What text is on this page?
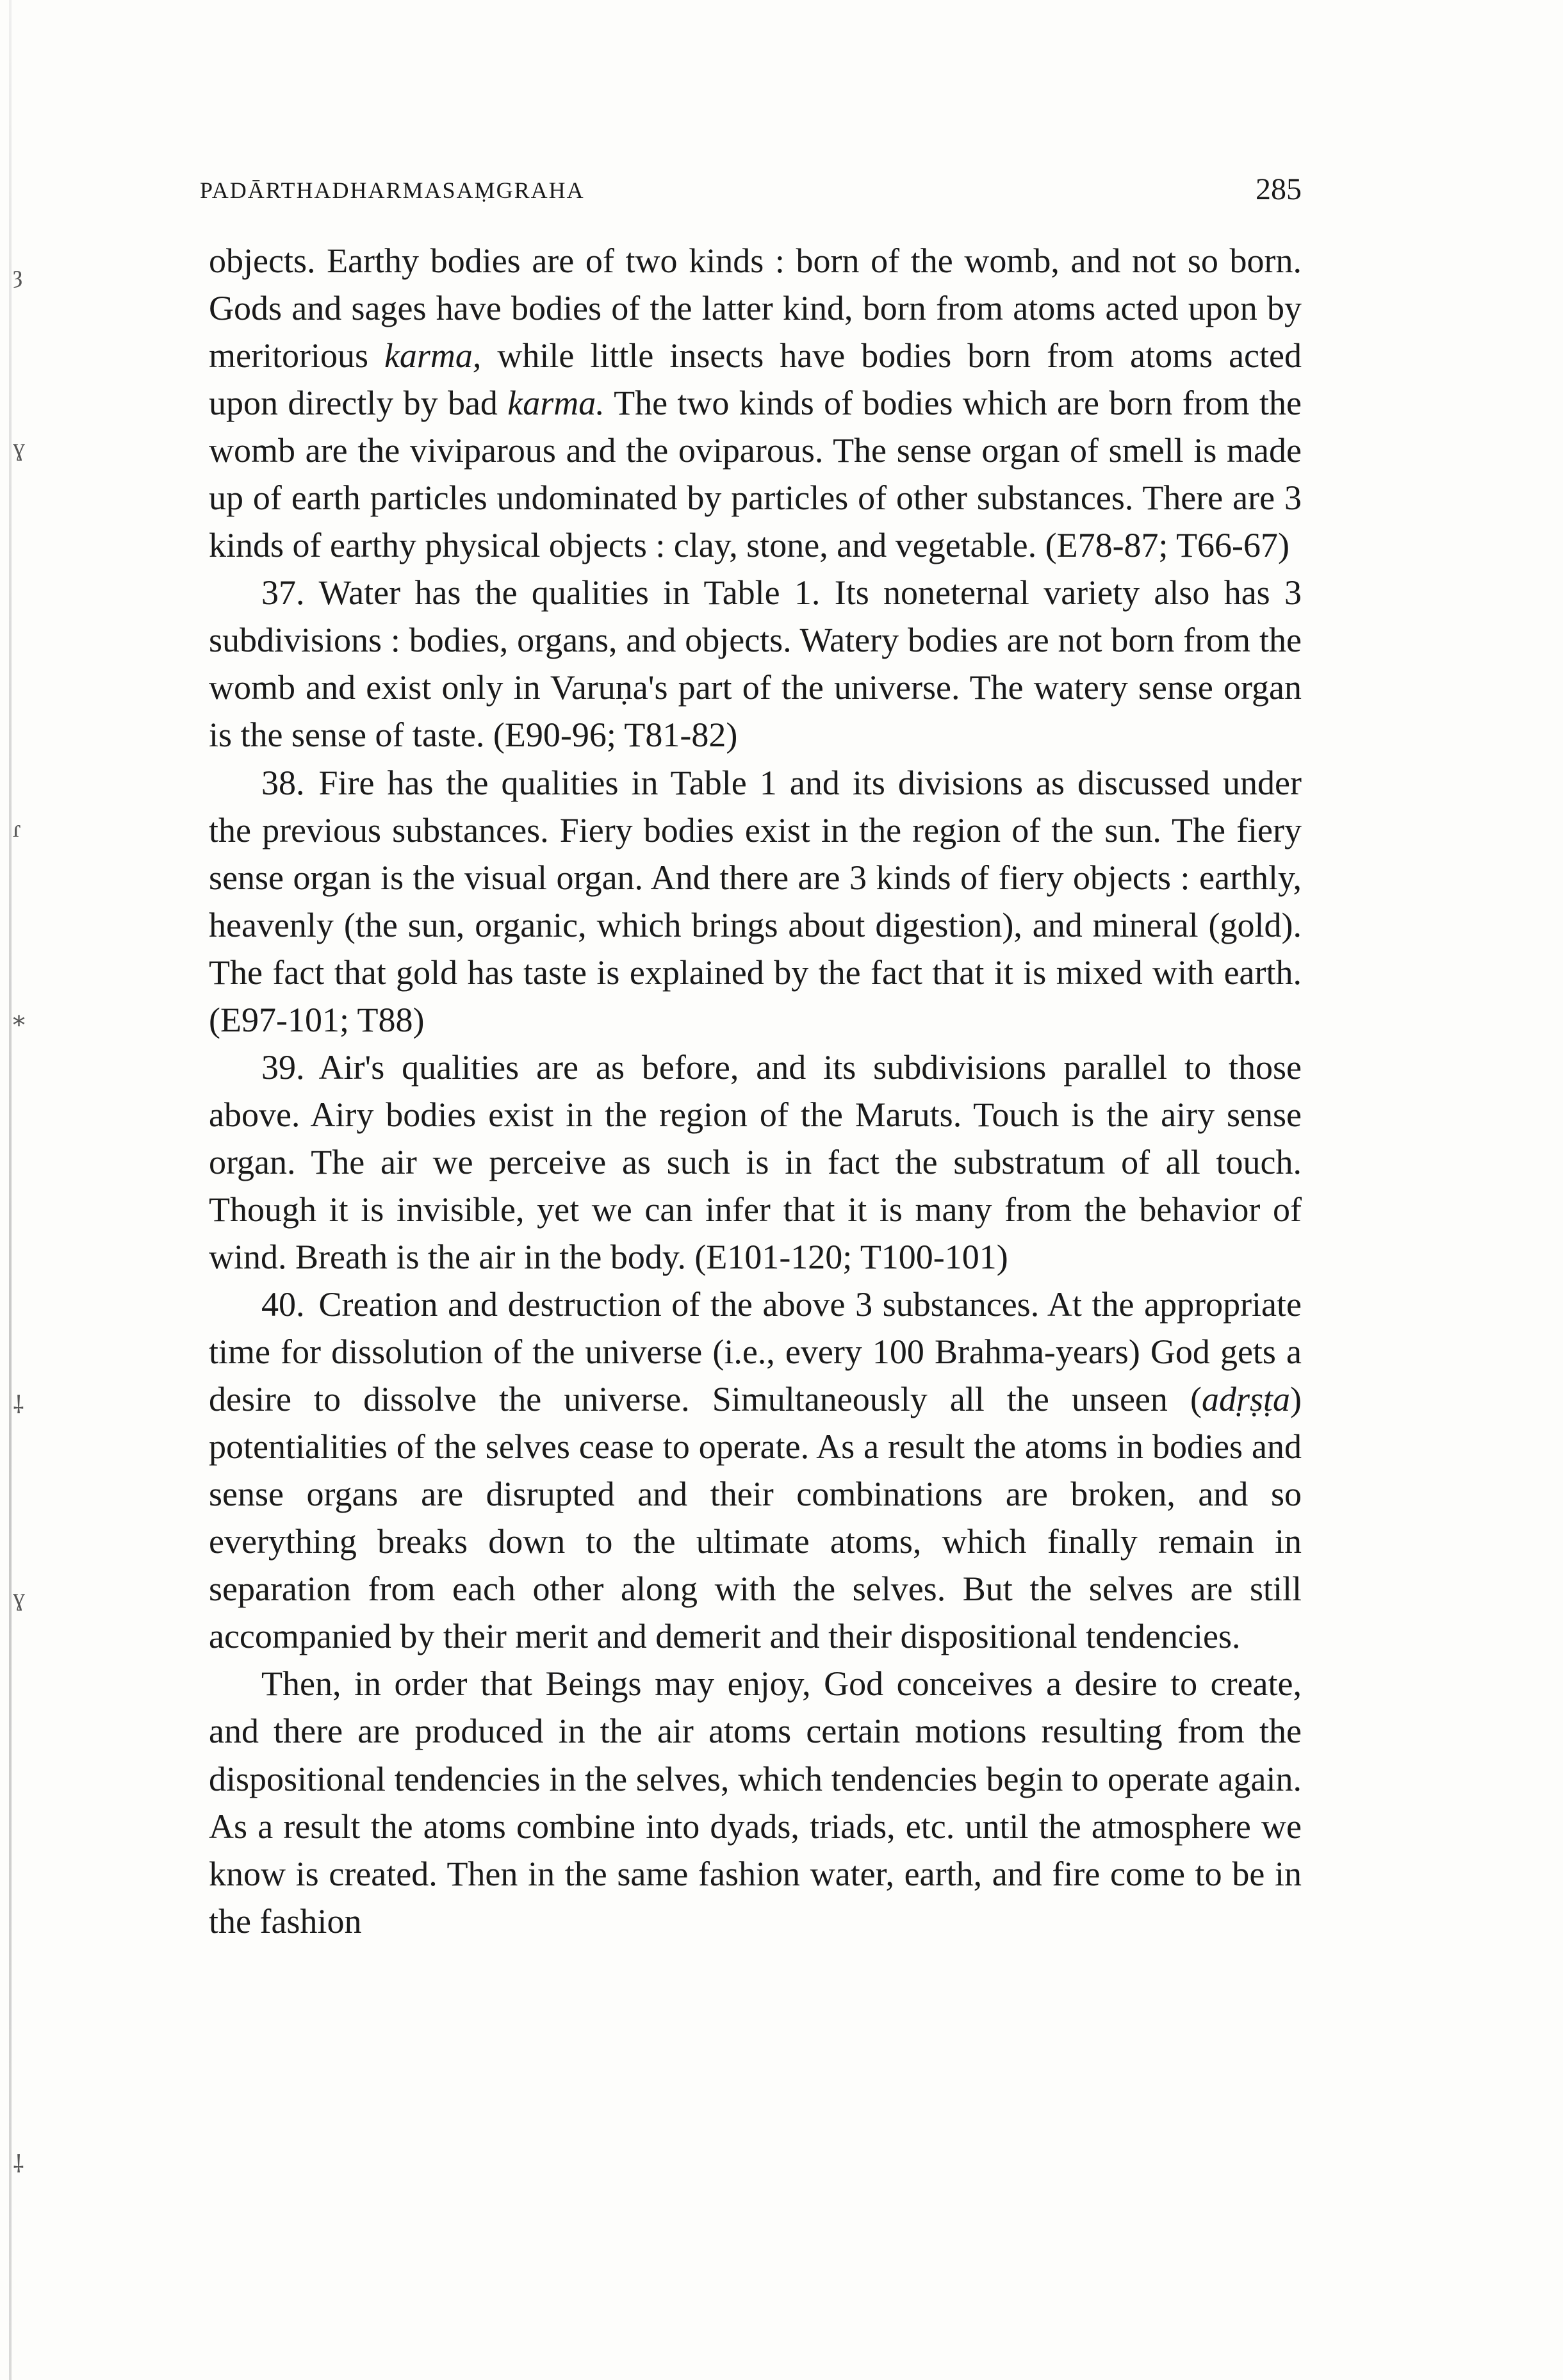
ȝ
ɣ
ɾ
⁎
⸸
ɣ
⸸
PADĀRTHADHARMASAṂGRAHA	285

objects. Earthy bodies are of two kinds : born of the womb, and not so born. Gods and sages have bodies of the latter kind, born from atoms acted upon by meritorious karma, while little insects have bodies born from atoms acted upon directly by bad karma. The two kinds of bodies which are born from the womb are the viviparous and the oviparous. The sense organ of smell is made up of earth particles undominated by particles of other substances. There are 3 kinds of earthy physical objects : clay, stone, and vegetable. (E78-87; T66-67)

37. Water has the qualities in Table 1. Its noneternal variety also has 3 subdivisions : bodies, organs, and objects. Watery bodies are not born from the womb and exist only in Varuṇa's part of the universe. The watery sense organ is the sense of taste. (E90-96; T81-82)

38. Fire has the qualities in Table 1 and its divisions as discussed under the previous substances. Fiery bodies exist in the region of the sun. The fiery sense organ is the visual organ. And there are 3 kinds of fiery objects : earthly, heavenly (the sun, organic, which brings about digestion), and mineral (gold). The fact that gold has taste is explained by the fact that it is mixed with earth. (E97-101; T88)

39. Air's qualities are as before, and its subdivisions parallel to those above. Airy bodies exist in the region of the Maruts. Touch is the airy sense organ. The air we perceive as such is in fact the substratum of all touch. Though it is invisible, yet we can infer that it is many from the behavior of wind. Breath is the air in the body. (E101-120; T100-101)

40. Creation and destruction of the above 3 substances. At the appropriate time for dissolution of the universe (i.e., every 100 Brahma-years) God gets a desire to dissolve the universe. Simultaneously all the unseen (adṛṣṭa) potentialities of the selves cease to operate. As a result the atoms in bodies and sense organs are disrupted and their combinations are broken, and so everything breaks down to the ultimate atoms, which finally remain in separation from each other along with the selves. But the selves are still accompanied by their merit and demerit and their dispositional tendencies.

Then, in order that Beings may enjoy, God conceives a desire to create, and there are produced in the air atoms certain motions resulting from the dispositional tendencies in the selves, which tendencies begin to operate again. As a result the atoms combine into dyads, triads, etc. until the atmosphere we know is created. Then in the same fashion water, earth, and fire come to be in the fashion
